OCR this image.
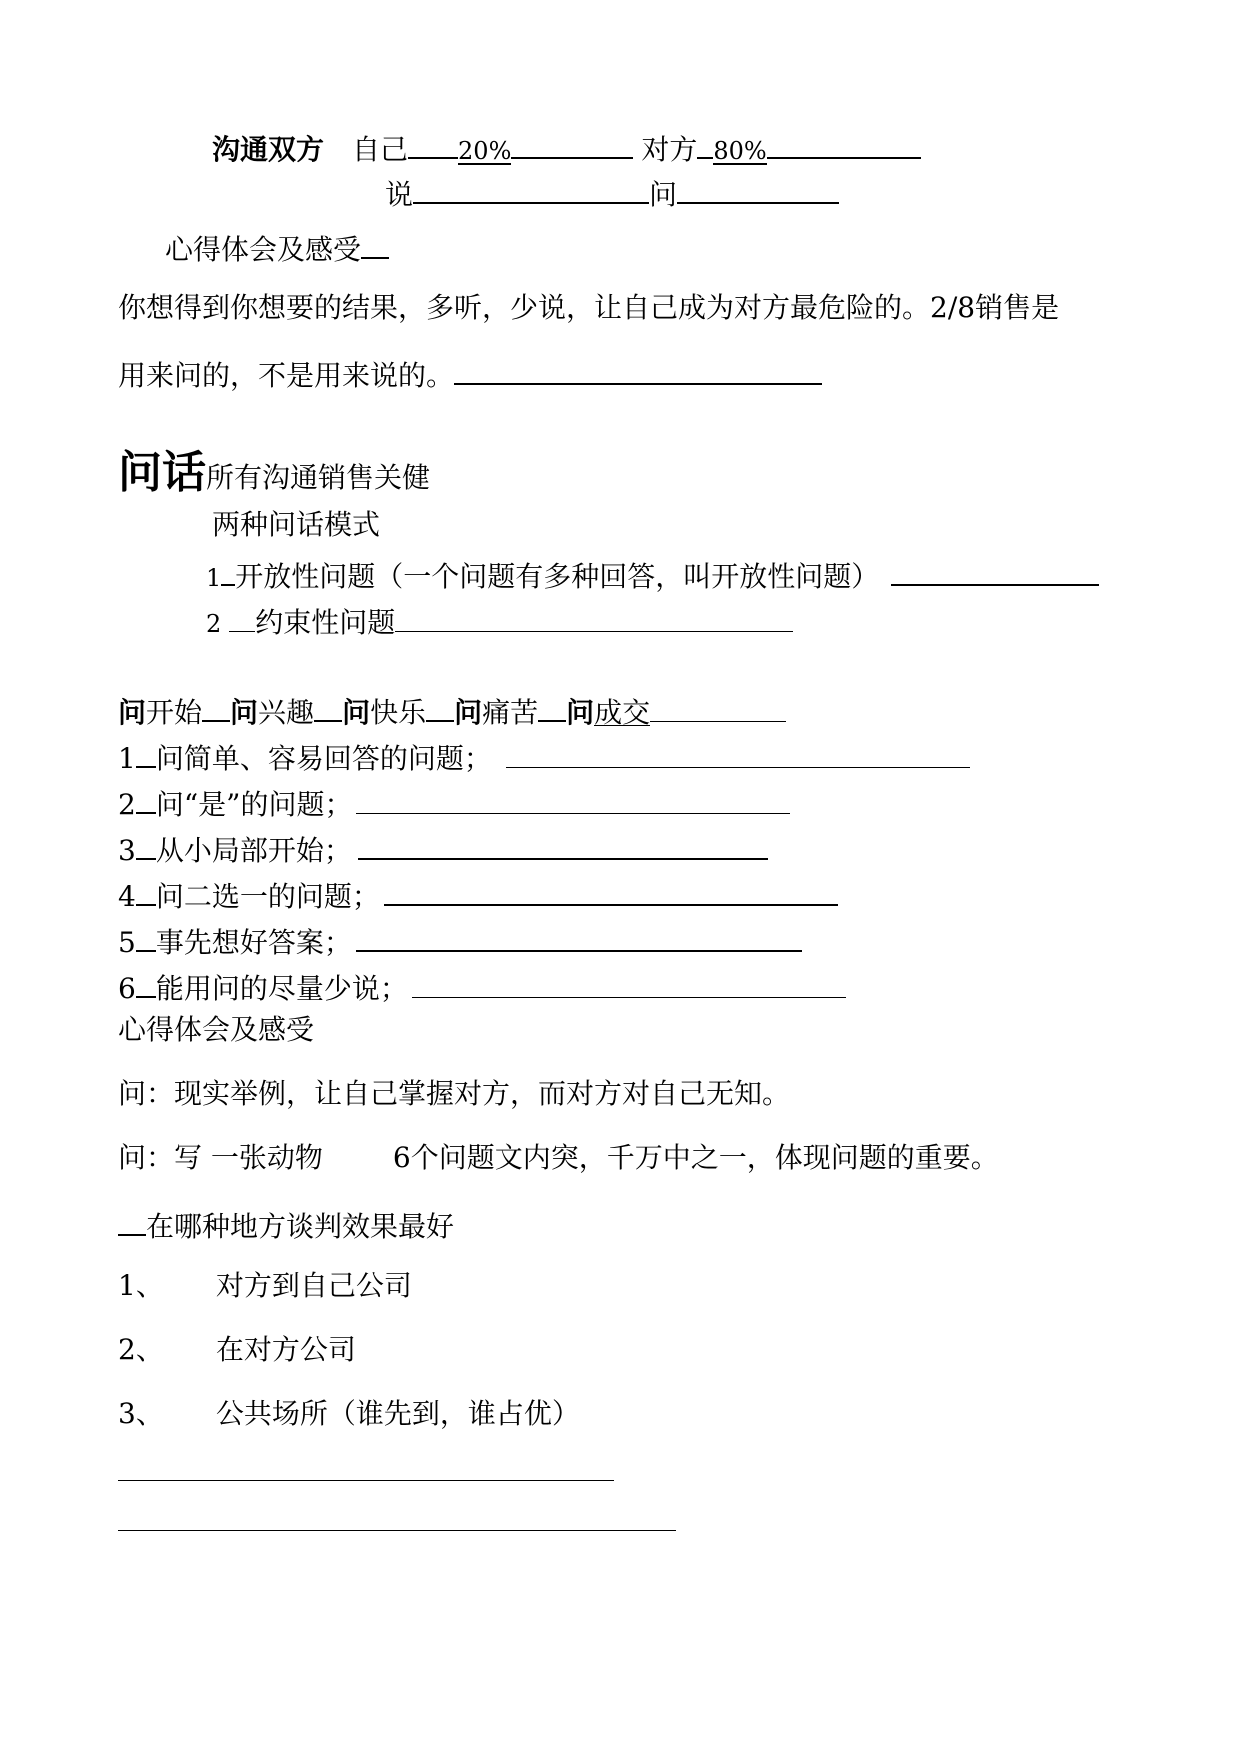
沟通双方 自己 20%	对方 80%
说	问
心得体会及感受
你想得到你想要的结果，多听，少说，让自己成为对方最危险的。2/8销售是
用来问的，不是用来说的。
问话所有沟通销售关健
两种问话模式
1 开放性问题（一个问题有多种回答，叫开放性问题）
2 约束性问题
问开始 问兴趣 问快乐 问痛苦 问成交
1 问简单、容易回答的问题；
2 问“是”的问题；
3 从小局部开始；
4 问二选一的问题；
5 事先想好答案；
6 能用问的尽量少说；
心得体会及感受
问：现实举例，让自己掌握对方，而对方对自己无知。
问：写 一张动物	6个问题文内突，千万中之一，体现问题的重要。
在哪种地方谈判效果最好
1、 对方到自己公司
2、 在对方公司
3、 公共场所（谁先到，谁占优）
